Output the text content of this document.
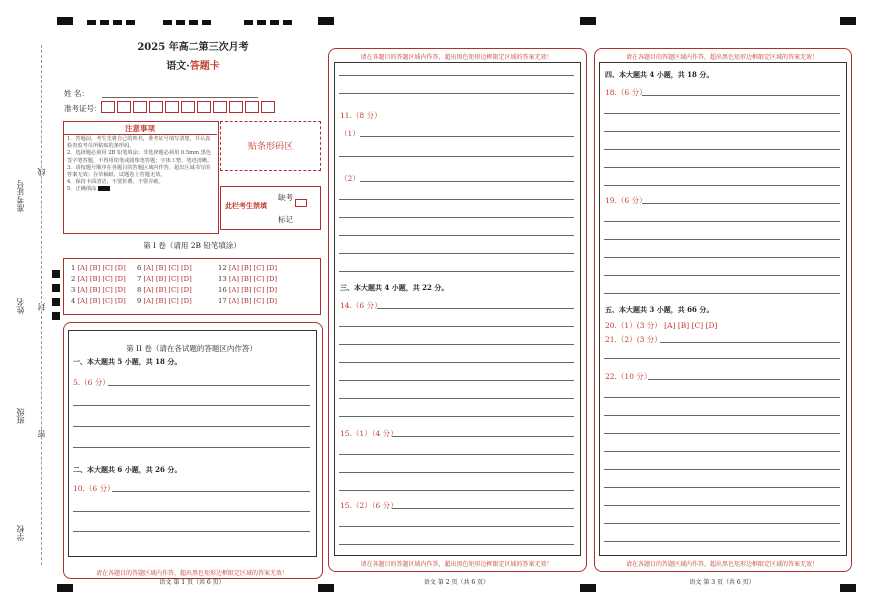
准考证号
线
姓名 封
班级
密
学校
2025 年高二第三次月考
语文·答题卡
姓 名：
准考证号：
注意事项
1．答题前，考生先将自己的姓名，准考证号填写清楚，并认真检查监考员所粘贴的条形码。
2．选择题必须用 2B 铅笔填涂；非选择题必须用 0.5mm 黑色签字笔答题，不得用铅笔或圆珠笔答题；字体工整、笔迹清晰。
3．请按题号顺序在各题目的答题区域内作答，超出区域书写的答案无效；在草稿纸、试题卷上答题无效。
4．保持卡面清洁，不要折叠、不要弄破。
5．正确填涂
贴条形码区
此栏考生禁填
缺考
标记
第 I 卷（请用 2B 铅笔填涂）
1 [A] [B] [C] [D]
2 [A] [B] [C] [D]
3 [A] [B] [C] [D]
4 [A] [B] [C] [D]
6 [A] [B] [C] [D]
7 [A] [B] [C] [D]
8 [A] [B] [C] [D]
9 [A] [B] [C] [D]
12 [A] [B] [C] [D]
13 [A] [B] [C] [D]
16 [A] [B] [C] [D]
17 [A] [B] [C] [D]
第 II 卷（请在各试题的答题区内作答）
一、本大题共 5 小题，共 18 分。
5.（6 分）
二、本大题共 6 小题，共 26 分。
10.（6 分）
请在各题目的答题区域内作答，超出黑色矩形边框限定区域的答案无效！
语文 第 1 页（共 6 页）
请在各题目的答题区域内作答，超出黑色矩形边框限定区域的答案无效！
11.（8 分）
（1）
（2）
三、本大题共 4 小题，共 22 分。
14.（6 分）
15.（1）（4 分）
15.（2）（6 分）
请在各题目的答题区域内作答，超出黑色矩形边框限定区域的答案无效！
语文 第 2 页（共 6 页）
请在各题目的答题区域内作答，超出黑色矩形边框限定区域的答案无效！
四、本大题共 4 小题，共 18 分。
18.（6 分）
19.（6 分）
五、本大题共 3 小题，共 66 分。
20.（1）(3 分） [A] [B] [C] [D]
21.（2）(3 分）
22.（10 分）
请在各题目的答题区域内作答，超出黑色矩形边框限定区域的答案无效！
语文 第 3 页（共 6 页）
